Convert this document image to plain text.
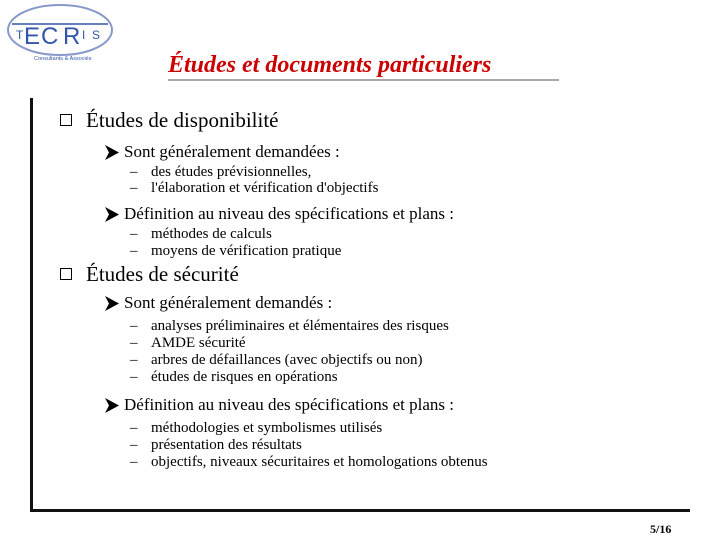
T E C R I S
Consultants & Associés	Études et documents particuliers
Études de disponibilité
Sont généralement demandées :
– des études prévisionnelles,
– l'élaboration et vérification d'objectifs
Définition au niveau des spécifications et plans :
– méthodes de calculs
– moyens de vérification pratique
Études de sécurité
Sont généralement demandés :
– analyses préliminaires et élémentaires des risques
– AMDE sécurité
– arbres de défaillances (avec objectifs ou non)
– études de risques en opérations
Définition au niveau des spécifications et plans :
– méthodologies et symbolismes utilisés
– présentation des résultats
– objectifs, niveaux sécuritaires et homologations obtenus
5/16
